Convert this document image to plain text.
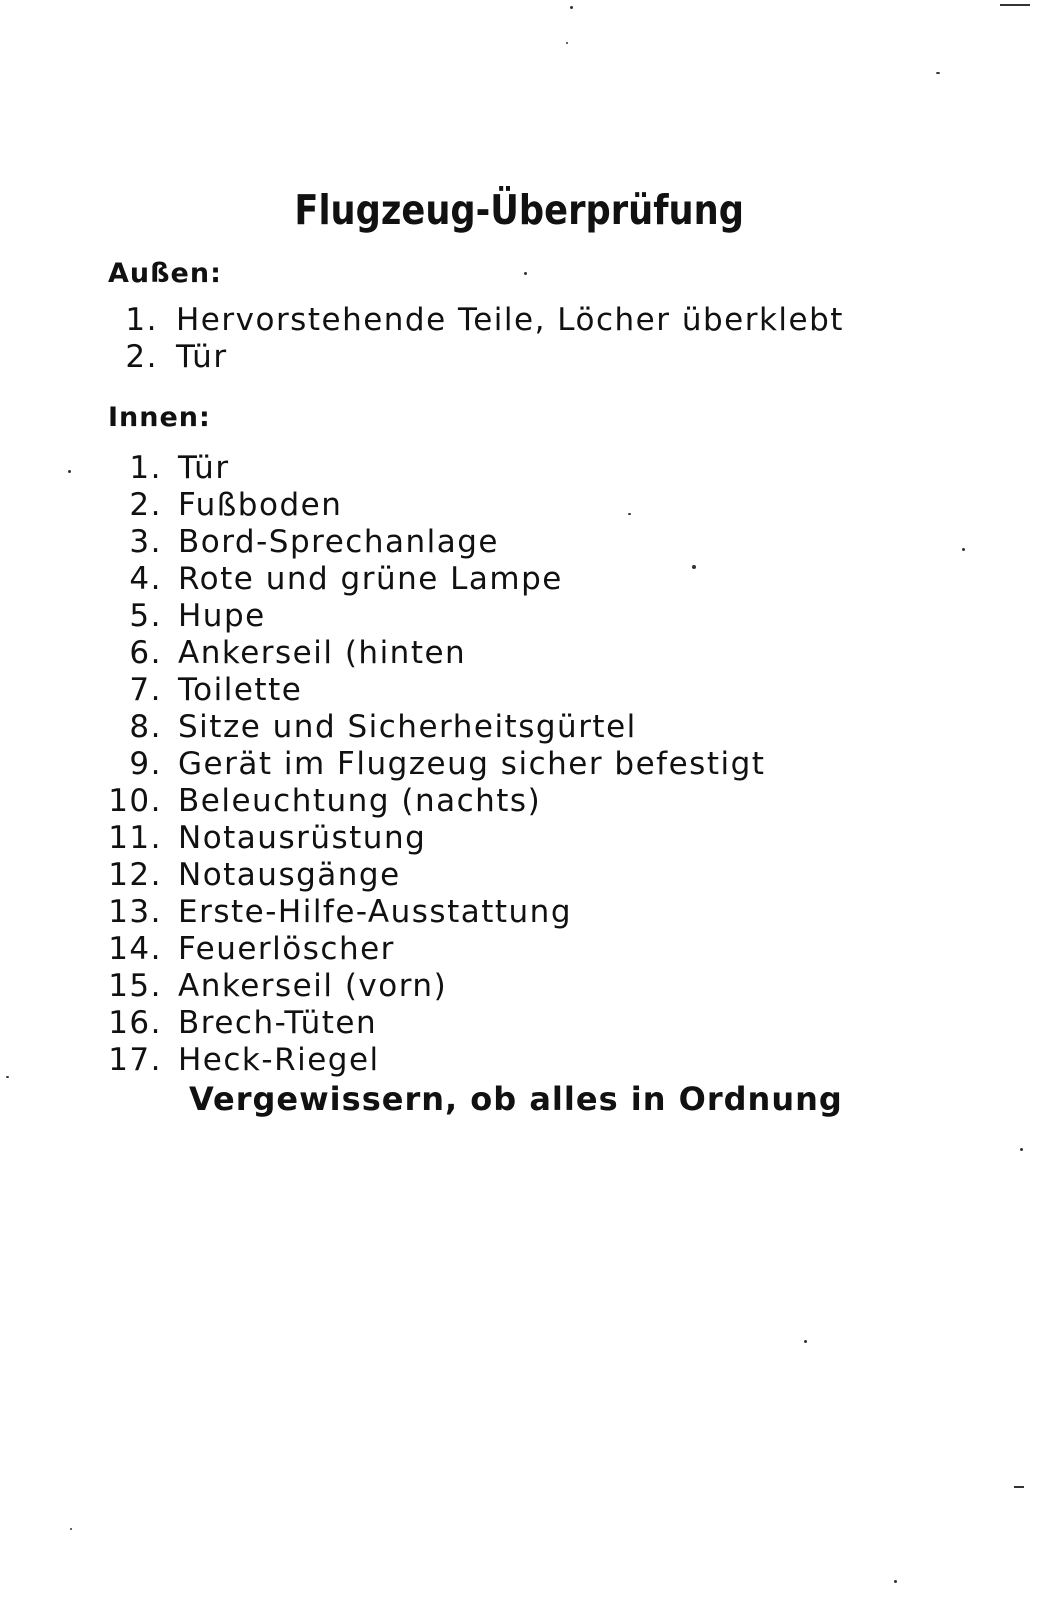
Flugzeug-Überprüfung
Außen:
1. Hervorstehende Teile, Löcher überklebt
2. Tür
Innen:
1. Tür
2. Fußboden
3. Bord-Sprechanlage
4. Rote und grüne Lampe
5. Hupe
6. Ankerseil (hinten
7. Toilette
8. Sitze und Sicherheitsgürtel
9. Gerät im Flugzeug sicher befestigt
10. Beleuchtung (nachts)
11. Notausrüstung
12. Notausgänge
13. Erste-Hilfe-Ausstattung
14. Feuerlöscher
15. Ankerseil (vorn)
16. Brech-Tüten
17. Heck-Riegel
Vergewissern, ob alles in Ordnung
